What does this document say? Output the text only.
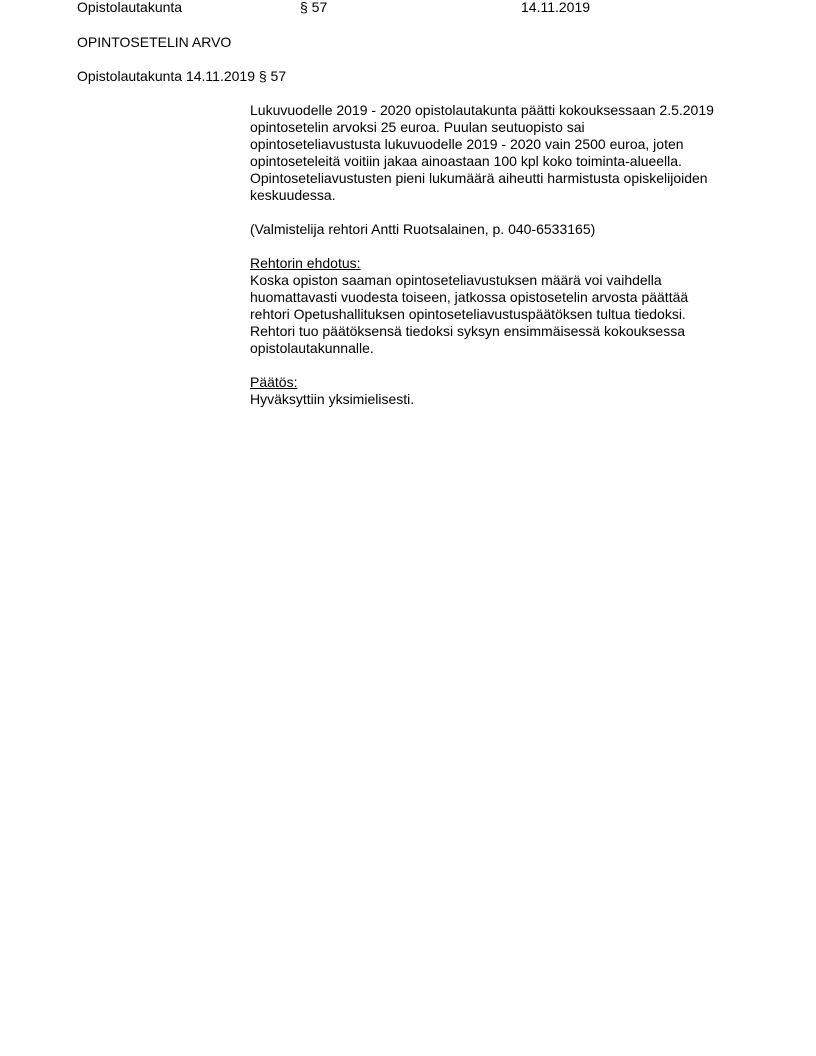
Opistolautakunta	§ 57	14.11.2019
OPINTOSETELIN ARVO
Opistolautakunta 14.11.2019 § 57
Lukuvuodelle 2019 - 2020 opistolautakunta päätti kokouksessaan 2.5.2019
opintosetelin arvoksi 25 euroa. Puulan seutuopisto sai
opintoseteliavustusta lukuvuodelle 2019 - 2020 vain 2500 euroa, joten
opintoseteleitä voitiin jakaa ainoastaan 100 kpl koko toiminta-alueella.
Opintoseteliavustusten pieni lukumäärä aiheutti harmistusta opiskelijoiden
keskuudessa.
(Valmistelija rehtori Antti Ruotsalainen, p. 040-6533165)
Rehtorin ehdotus:
Koska opiston saaman opintoseteliavustuksen määrä voi vaihdella
huomattavasti vuodesta toiseen, jatkossa opistosetelin arvosta päättää
rehtori Opetushallituksen opintoseteliavustuspäätöksen tultua tiedoksi.
Rehtori tuo päätöksensä tiedoksi syksyn ensimmäisessä kokouksessa
opistolautakunnalle.
Päätös:
Hyväksyttiin yksimielisesti.
